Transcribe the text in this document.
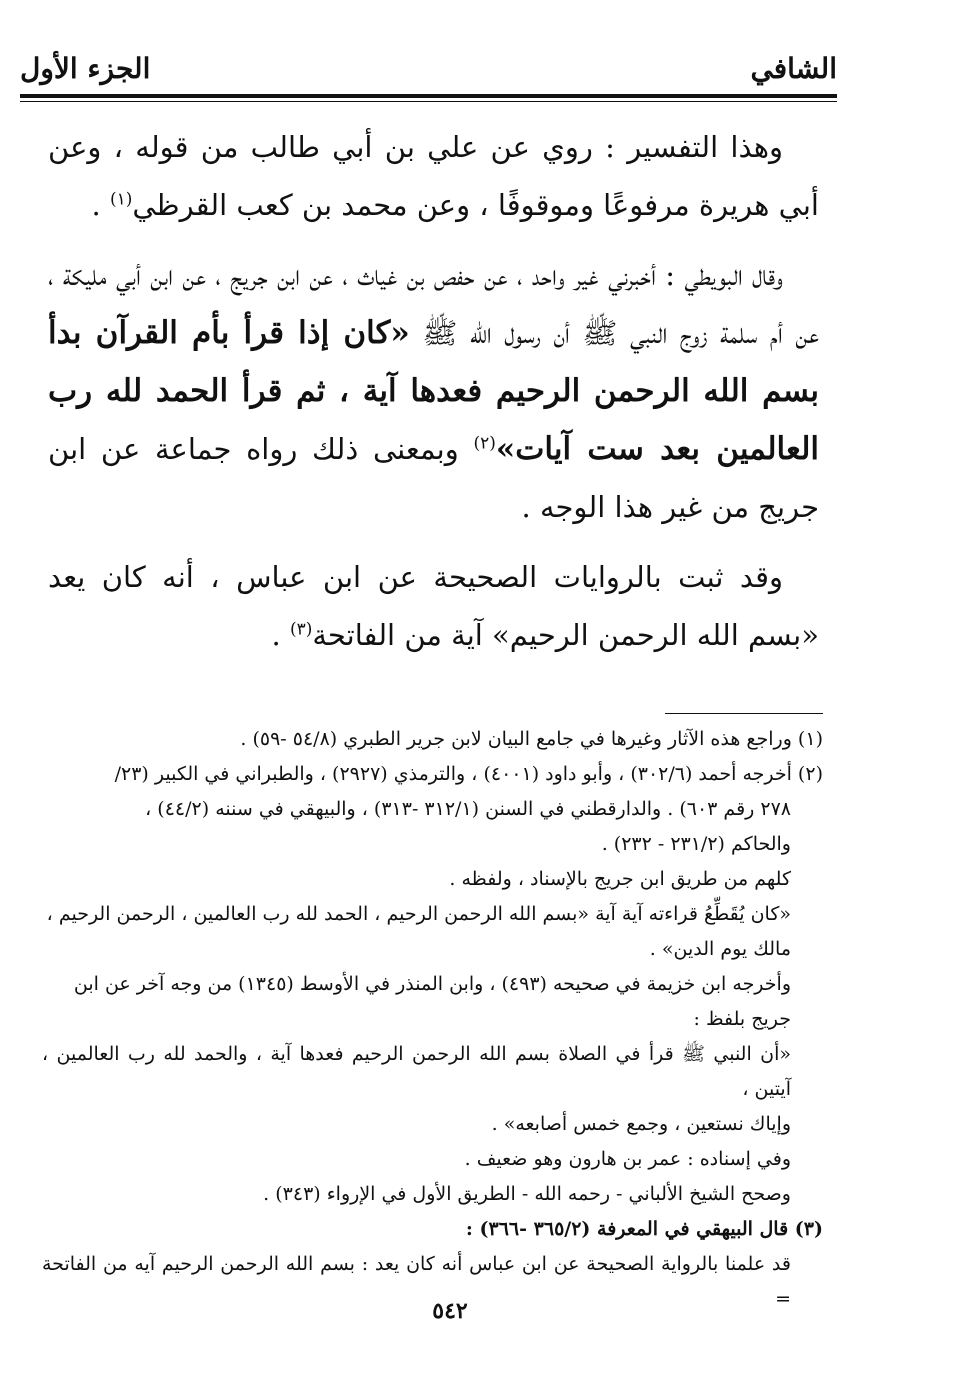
الشافي
الجزء الأول

وهذا التفسير : روي عن علي بن أبي طالب من قوله ، وعن أبي هريرة مرفوعًا وموقوفًا ، وعن محمد بن كعب القرظي$^{(١)}$ .

وقال البويطي : أخبرني غير واحد ، عن حفص بن غياث ، عن ابن جريج ، عن ابن أبي مليكة ، عن أم سلمة زوج النبي ﷺ أن رسول الله ﷺ «كان إذا قرأ بأم القرآن بدأ بسم الله الرحمن الرحيم فعدها آية ، ثم قرأ الحمد لله رب العالمين بعد ست آيات»$^{(٢)}$ وبمعنى ذلك رواه جماعة عن ابن جريج من غير هذا الوجه .

وقد ثبت بالروايات الصحيحة عن ابن عباس ، أنه كان يعد «بسم الله الرحمن الرحيم» آية من الفاتحة$^{(٣)}$ .

(١) وراجع هذه الآثار وغيرها في جامع البيان لابن جرير الطبري (٥٤/٨ -٥٩) .

(٢) أخرجه أحمد (٣٠٢/٦) ، وأبو داود (٤٠٠١) ، والترمذي (٢٩٢٧) ، والطبراني في الكبير (٢٣/

٢٧٨ رقم ٦٠٣) . والدارقطني في السنن (٣١٢/١ -٣١٣) ، والبيهقي في سننه (٤٤/٢) ،

والحاكم (٢٣١/٢ - ٢٣٢) .

كلهم من طريق ابن جريج بالإسناد ، ولفظه .

«كان يُقَطِّعُ قراءته آية آية «بسم الله الرحمن الرحيم ، الحمد لله رب العالمين ، الرحمن الرحيم ،

مالك يوم الدين» .

وأخرجه ابن خزيمة في صحيحه (٤٩٣) ، وابن المنذر في الأوسط (١٣٤٥) من وجه آخر عن ابن

جريج بلفظ :

«أن النبي ﷺ قرأ في الصلاة بسم الله الرحمن الرحيم فعدها آية ، والحمد لله رب العالمين ، آيتين ،

وإياك نستعين ، وجمع خمس أصابعه» .

وفي إسناده : عمر بن هارون وهو ضعيف .

وصحح الشيخ الألباني - رحمه الله - الطريق الأول في الإرواء (٣٤٣) .

(٣) قال البيهقي في المعرفة (٣٦٥/٢ -٣٦٦) :

قد علمنا بالرواية الصحيحة عن ابن عباس أنه كان يعد : بسم الله الرحمن الرحيم آيه من الفاتحة =

٥٤٢
